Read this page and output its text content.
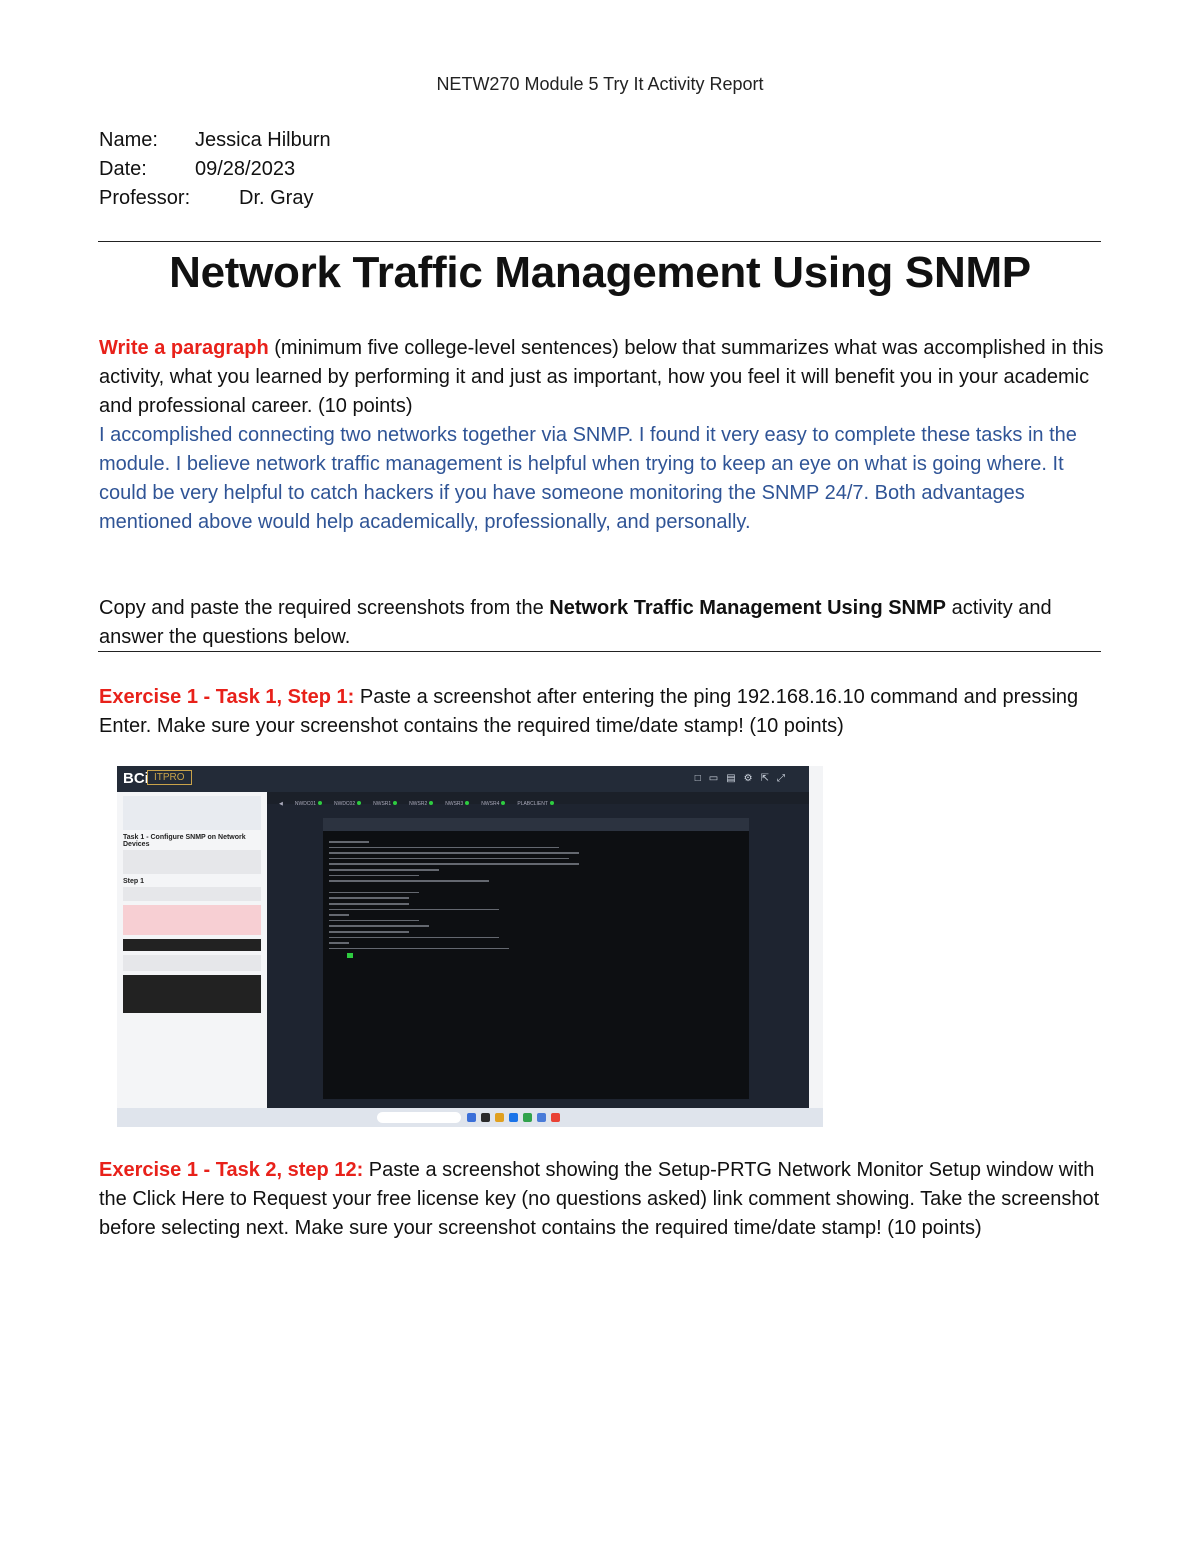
NETW270 Module 5 Try It Activity Report
Name:	Jessica Hilburn
Date:	09/28/2023
Professor:	Dr. Gray
Network Traffic Management Using SNMP
Write a paragraph (minimum five college-level sentences) below that summarizes what was accomplished in this activity, what you learned by performing it and just as important, how you feel it will benefit you in your academic and professional career. (10 points)
I accomplished connecting two networks together via SNMP. I found it very easy to complete these tasks in the module. I believe network traffic management is helpful when trying to keep an eye on what is going where. It could be very helpful to catch hackers if you have someone monitoring the SNMP 24/7. Both advantages mentioned above would help academically, professionally, and personally.
Copy and paste the required screenshots from the Network Traffic Management Using SNMP activity and answer the questions below.
Exercise 1 - Task 1, Step 1: Paste a screenshot after entering the ping 192.168.16.10 command and pressing Enter. Make sure your screenshot contains the required time/date stamp! (10 points)
BCi ITPRO	□▭▤⚙⇱⤢
Task 1 - Configure SNMP on Network Devices
Step 1
◀ NWDC01	NWDC02	NWSR1	NWSR2	NWSR3	NWSR4	PLABCLIENT
Exercise 1 - Task 2, step 12: Paste a screenshot showing the Setup-PRTG Network Monitor Setup window with the Click Here to Request your free license key (no questions asked) link comment showing. Take the screenshot before selecting next. Make sure your screenshot contains the required time/date stamp! (10 points)
